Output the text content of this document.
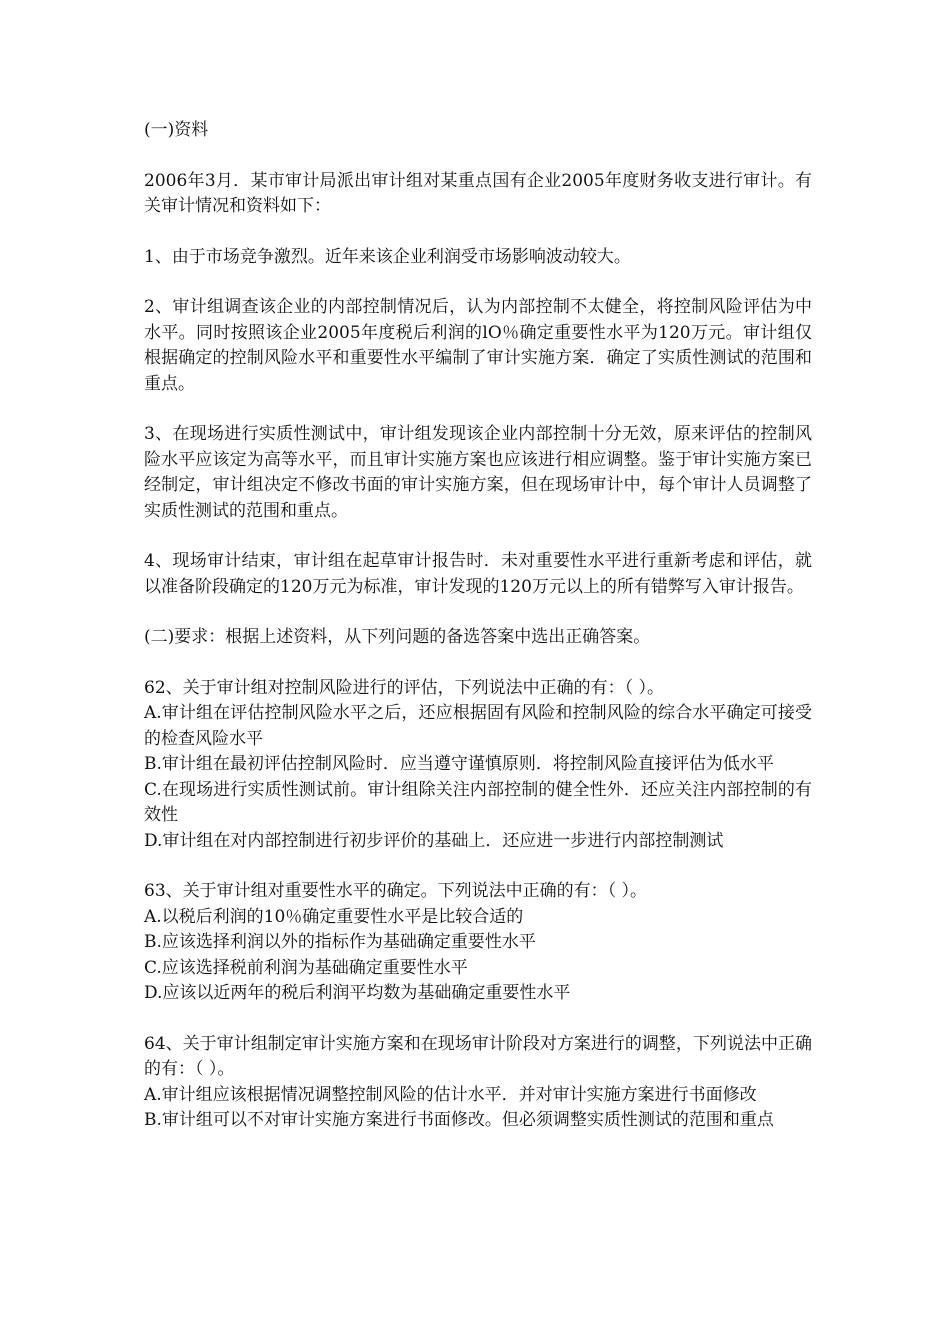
(一)资料

2006年3月．某市审计局派出审计组对某重点国有企业2005年度财务收支进行审计。有关审计情况和资料如下：

1、由于市场竞争激烈。近年来该企业利润受市场影响波动较大。

2、审计组调查该企业的内部控制情况后，认为内部控制不太健全，将控制风险评估为中水平。同时按照该企业2005年度税后利润的lO％确定重要性水平为120万元。审计组仅根据确定的控制风险水平和重要性水平编制了审计实施方案．确定了实质性测试的范围和重点。

3、在现场进行实质性测试中，审计组发现该企业内部控制十分无效，原来评估的控制风险水平应该定为高等水平，而且审计实施方案也应该进行相应调整。鉴于审计实施方案已经制定，审计组决定不修改书面的审计实施方案，但在现场审计中，每个审计人员调整了实质性测试的范围和重点。

4、现场审计结束，审计组在起草审计报告时．未对重要性水平进行重新考虑和评估，就以准备阶段确定的120万元为标准，审计发现的120万元以上的所有错弊写入审计报告。

(二)要求：根据上述资料，从下列问题的备选答案中选出正确答案。

62、关于审计组对控制风险进行的评估，下列说法中正确的有：（ ）。

A.审计组在评估控制风险水平之后，还应根据固有风险和控制风险的综合水平确定可接受的检查风险水平

B.审计组在最初评估控制风险时．应当遵守谨慎原则．将控制风险直接评估为低水平

C.在现场进行实质性测试前。审计组除关注内部控制的健全性外．还应关注内部控制的有效性

D.审计组在对内部控制进行初步评价的基础上．还应进一步进行内部控制测试

63、关于审计组对重要性水平的确定。下列说法中正确的有：（ ）。

A.以税后利润的10％确定重要性水平是比较合适的

B.应该选择利润以外的指标作为基础确定重要性水平

C.应该选择税前利润为基础确定重要性水平

D.应该以近两年的税后利润平均数为基础确定重要性水平

64、关于审计组制定审计实施方案和在现场审计阶段对方案进行的调整，下列说法中正确的有：（ ）。

A.审计组应该根据情况调整控制风险的估计水平．并对审计实施方案进行书面修改

B.审计组可以不对审计实施方案进行书面修改。但必须调整实质性测试的范围和重点
